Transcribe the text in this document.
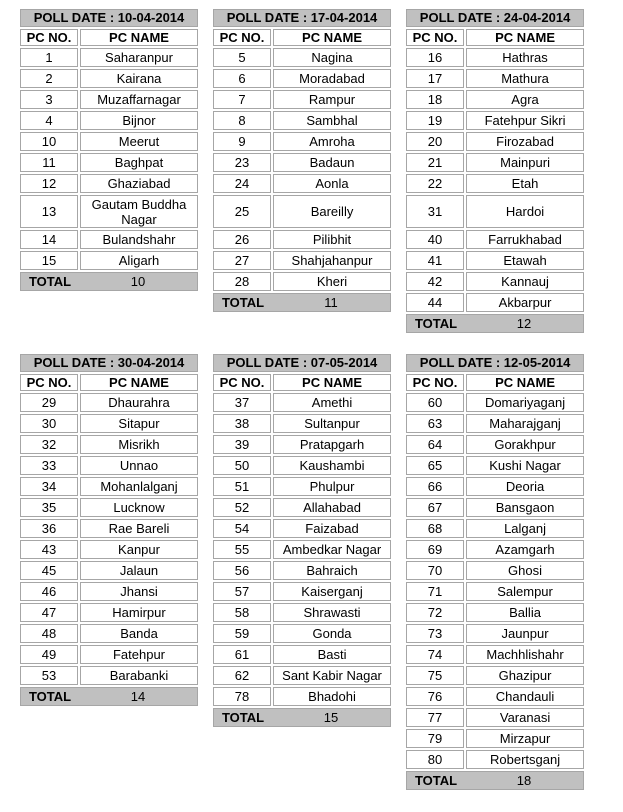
POLL DATE : 10-04-2014	
PC NO.	PC NAME
1	Saharanpur
2	Kairana
3	Muzaffarnagar
4	Bijnor
10	Meerut
11	Baghpat
12	Ghaziabad
13	Gautam Buddha Nagar
14	Bulandshahr
15	Aligarh

TOTAL 10	
POLL DATE : 17-04-2014	
PC NO.	PC NAME
5	Nagina
6	Moradabad
7	Rampur
8	Sambhal
9	Amroha
23	Badaun
24	Aonla
25	Bareilly
26	Pilibhit
27	Shahjahanpur
28	Kheri

TOTAL 11	
POLL DATE : 24-04-2014	
PC NO.	PC NAME
16	Hathras
17	Mathura
18	Agra
19	Fatehpur Sikri
20	Firozabad
21	Mainpuri
22	Etah
31	Hardoi
40	Farrukhabad
41	Etawah
42	Kannauj
44	Akbarpur

TOTAL 12	
POLL DATE : 30-04-2014	
PC NO.	PC NAME
29	Dhaurahra
30	Sitapur
32	Misrikh
33	Unnao
34	Mohanlalganj
35	Lucknow
36	Rae Bareli
43	Kanpur
45	Jalaun
46	Jhansi
47	Hamirpur
48	Banda
49	Fatehpur
53	Barabanki

TOTAL 14	
POLL DATE : 07-05-2014	
PC NO.	PC NAME
37	Amethi
38	Sultanpur
39	Pratapgarh
50	Kaushambi
51	Phulpur
52	Allahabad
54	Faizabad
55	Ambedkar Nagar
56	Bahraich
57	Kaiserganj
58	Shrawasti
59	Gonda
61	Basti
62	Sant Kabir Nagar
78	Bhadohi

TOTAL 15	
POLL DATE : 12-05-2014	
PC NO.	PC NAME
60	Domariyaganj
63	Maharajganj
64	Gorakhpur
65	Kushi Nagar
66	Deoria
67	Bansgaon
68	Lalganj
69	Azamgarh
70	Ghosi
71	Salempur
72	Ballia
73	Jaunpur
74	Machhlishahr
75	Ghazipur
76	Chandauli
77	Varanasi
79	Mirzapur
80	Robertsganj

TOTAL 18	
